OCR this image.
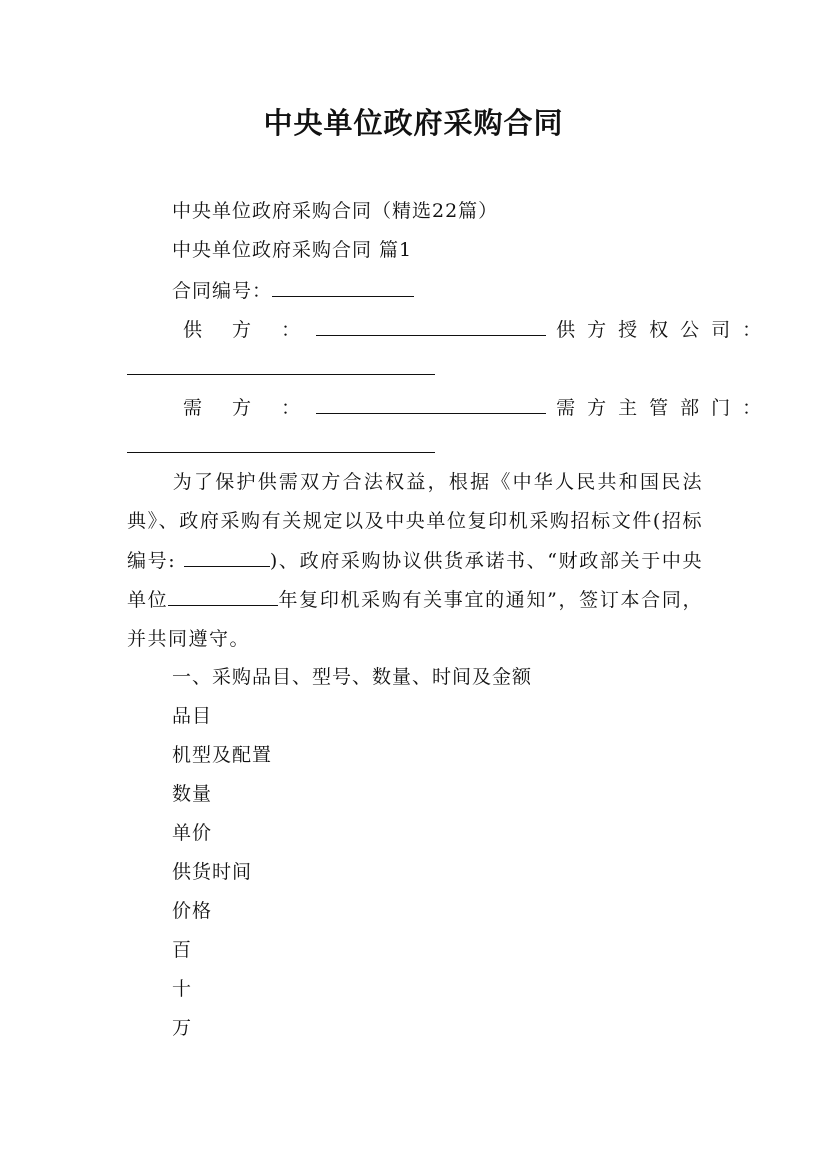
中央单位政府采购合同
中央单位政府采购合同（精选22篇）
中央单位政府采购合同 篇1
合同编号：
供 方 ：	供方授权公司：
需 方 ：	需方主管部门：
为了保护供需双方合法权益，根据《中华人民共和国民法典》、政府采购有关规定以及中央单位复印机采购招标文件(招标编号:	)、政府采购协议供货承诺书、“财政部关于中央单位	年复印机采购有关事宜的通知”，签订本合同，并共同遵守。
一、采购品目、型号、数量、时间及金额
品目
机型及配置
数量
单价
供货时间
价格
百
十
万
